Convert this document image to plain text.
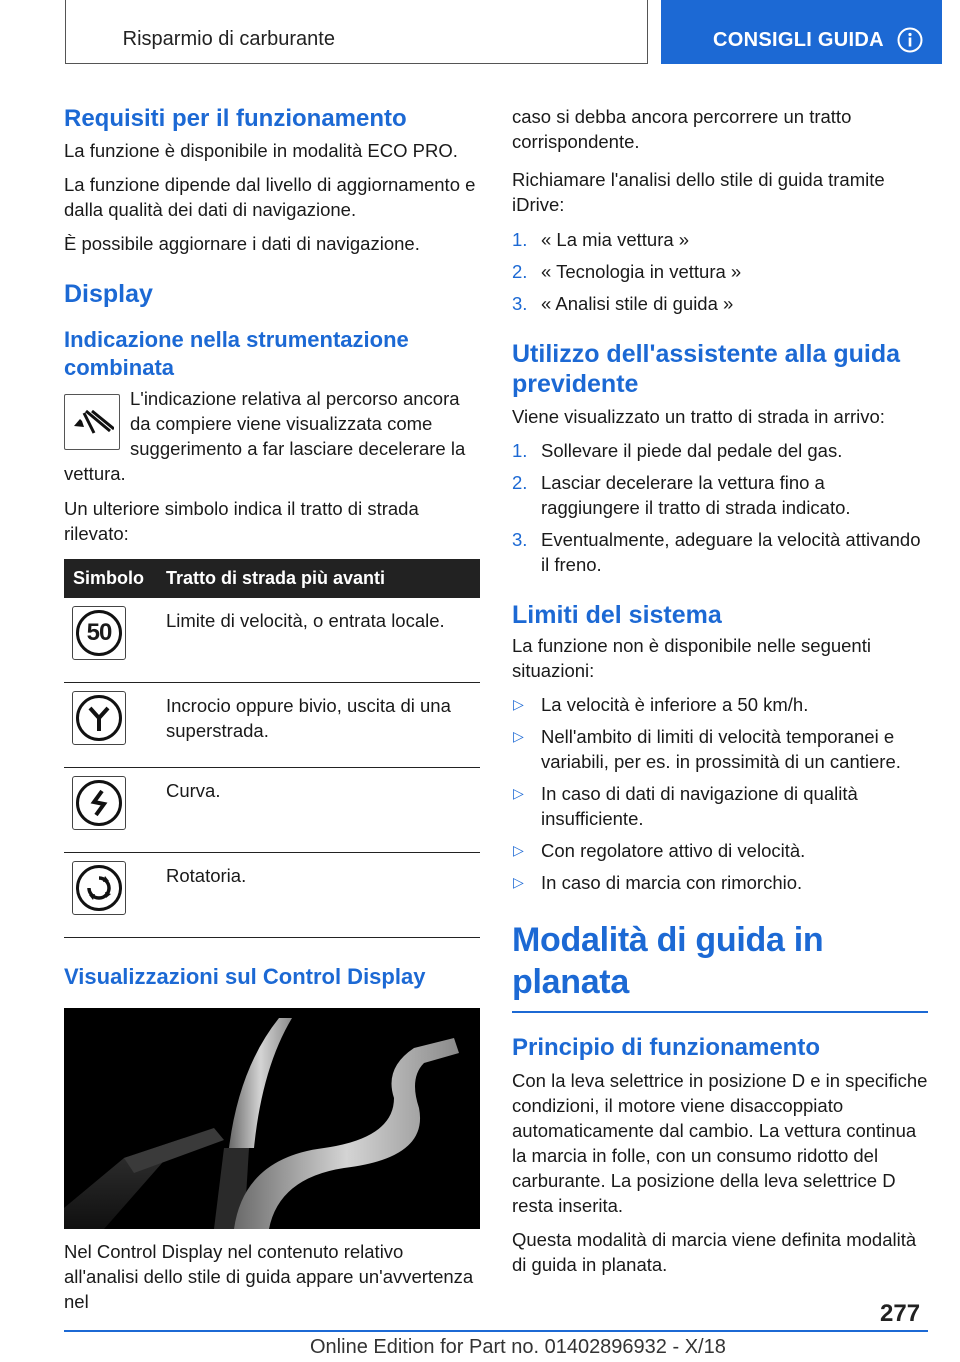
Risparmio di carburante	CONSIGLI GUIDA
Requisiti per il funzionamento

La funzione è disponibile in modalità ECO PRO.

La funzione dipende dal livello di aggiornamento e dalla qualità dei dati di navigazione.

È possibile aggiornare i dati di navigazione.

Display
Indicazione nella strumentazione combinata

L'indicazione relativa al percorso ancora da compiere viene visualizzata come suggerimento a far lasciare decelerare la vettura.

Un ulteriore simbolo indica il tratto di strada rilevato:

Simbolo	Tratto di strada più avanti

50	Limite di velocità, o entrata locale.

	Incrocio oppure bivio, uscita di una superstrada.

	Curva.

	Rotatoria.
Visualizzazioni sul Control Display

Nel Control Display nel contenuto relativo all'analisi dello stile di guida appare un'avvertenza nel

caso si debba ancora percorrere un tratto corrispondente.

Richiamare l'analisi dello stile di guida tramite iDrive:

1. « La mia vettura »
2. « Tecnologia in vettura »
3. « Analisi stile di guida »
Utilizzo dell'assistente alla guida previdente

Viene visualizzato un tratto di strada in arrivo:

1. Sollevare il piede dal pedale del gas.
2. Lasciar decelerare la vettura fino a raggiungere il tratto di strada indicato.
3. Eventualmente, adeguare la velocità attivando il freno.
Limiti del sistema

La funzione non è disponibile nelle seguenti situazioni:

▷ La velocità è inferiore a 50 km/h.
▷ Nell'ambito di limiti di velocità temporanei e variabili, per es. in prossimità di un cantiere.
▷ In caso di dati di navigazione di qualità insufficiente.
▷ Con regolatore attivo di velocità.
▷ In caso di marcia con rimorchio.
Modalità di guida in planata
Principio di funzionamento

Con la leva selettrice in posizione D e in specifiche condizioni, il motore viene disaccoppiato automaticamente dal cambio. La vettura continua la marcia in folle, con un consumo ridotto del carburante. La posizione della leva selettrice D resta inserita.

Questa modalità di marcia viene definita modalità di guida in planata.

277
Online Edition for Part no. 01402896932 - X/18
